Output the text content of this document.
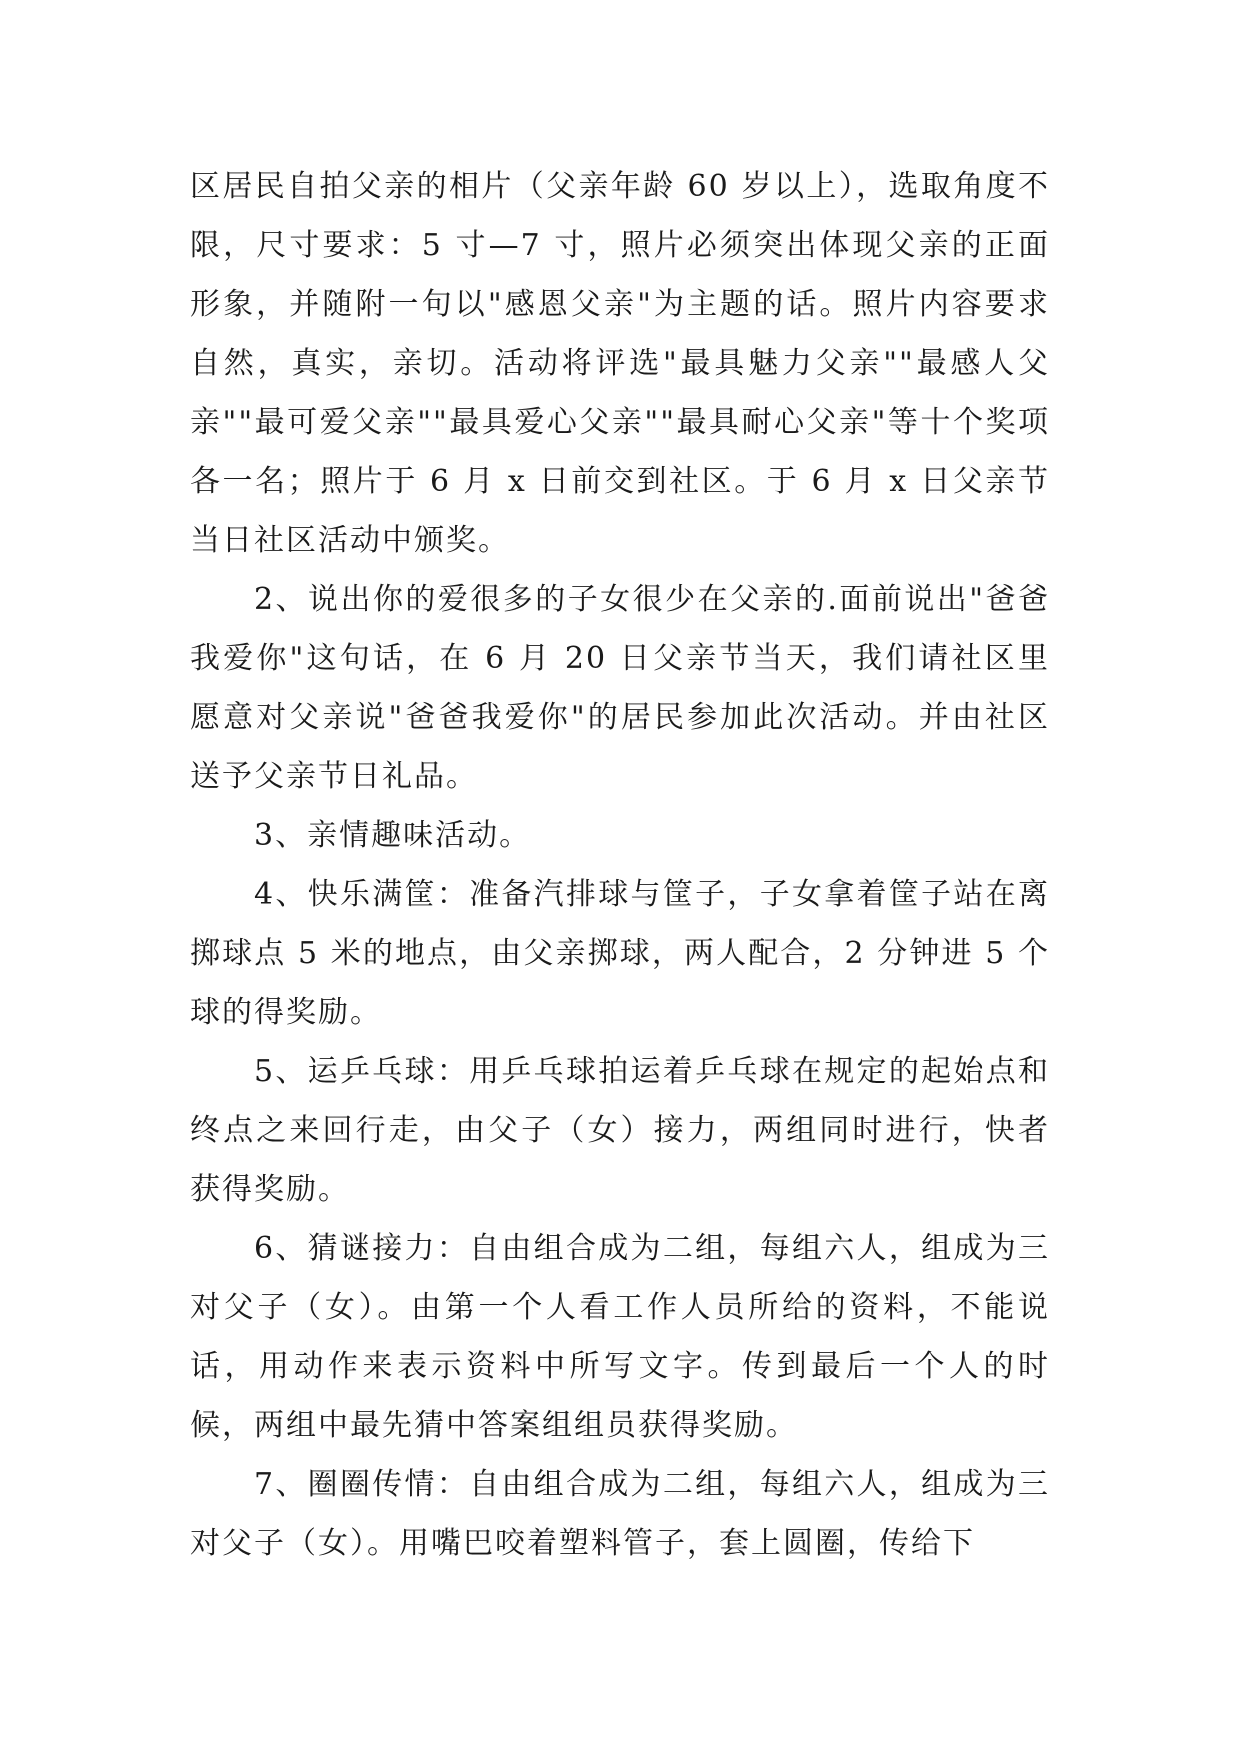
区居民自拍父亲的相片（父亲年龄 60 岁以上），选取角度不限，尺寸要求：5 寸—7 寸，照片必须突出体现父亲的正面形象，并随附一句以"感恩父亲"为主题的话。照片内容要求自然，真实，亲切。活动将评选"最具魅力父亲""最感人父亲""最可爱父亲""最具爱心父亲""最具耐心父亲"等十个奖项各一名；照片于 6 月 x 日前交到社区。于 6 月 x 日父亲节当日社区活动中颁奖。

2、说出你的爱很多的子女很少在父亲的.面前说出"爸爸我爱你"这句话，在 6 月 20 日父亲节当天，我们请社区里愿意对父亲说"爸爸我爱你"的居民参加此次活动。并由社区送予父亲节日礼品。

3、亲情趣味活动。

4、快乐满筐：准备汽排球与筐子，子女拿着筐子站在离掷球点 5 米的地点，由父亲掷球，两人配合，2 分钟进 5 个球的得奖励。

5、运乒乓球：用乒乓球拍运着乒乓球在规定的起始点和终点之来回行走，由父子（女）接力，两组同时进行，快者获得奖励。

6、猜谜接力：自由组合成为二组，每组六人，组成为三对父子（女）。由第一个人看工作人员所给的资料，不能说话，用动作来表示资料中所写文字。传到最后一个人的时候，两组中最先猜中答案组组员获得奖励。

7、圈圈传情：自由组合成为二组，每组六人，组成为三对父子（女）。用嘴巴咬着塑料管子，套上圆圈，传给下
